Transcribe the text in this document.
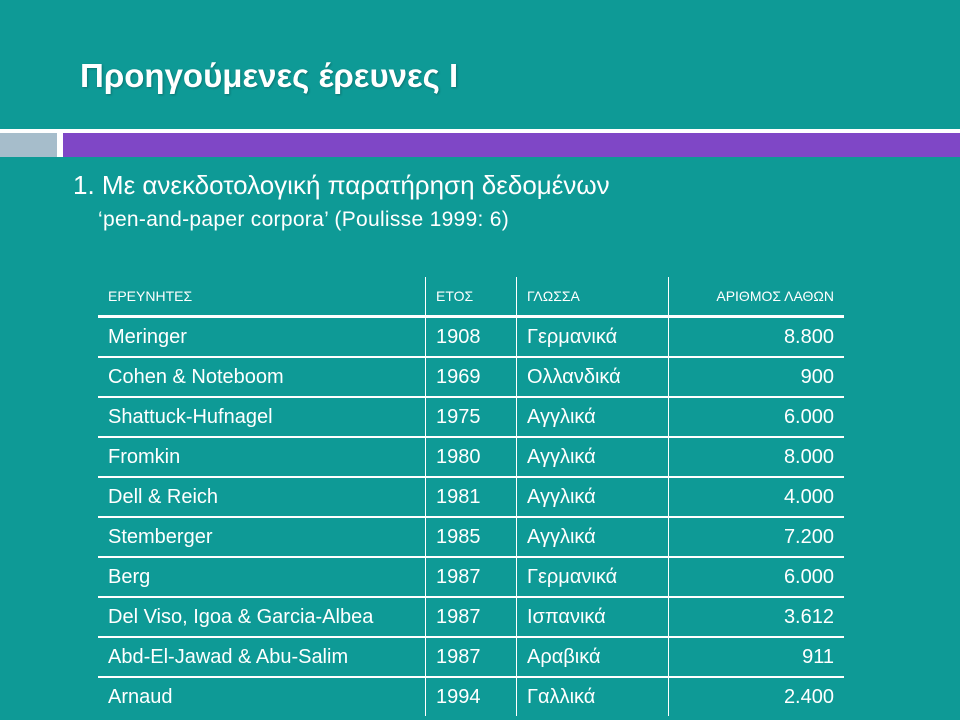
Προηγούμενες έρευνες Ι
1. Με ανεκδοτολογική παρατήρηση δεδομένων
‘pen-and-paper corpora’ (Poulisse 1999: 6)
ΕΡΕΥΝΗΤΕΣ	ΕΤΟΣ	ΓΛΩΣΣΑ	ΑΡΙΘΜΟΣ ΛΑΘΩΝ
Meringer	1908	Γερμανικά	8.800
Cohen & Noteboom	1969	Ολλανδικά	900
Shattuck-Hufnagel	1975	Αγγλικά	6.000
Fromkin	1980	Αγγλικά	8.000
Dell & Reich	1981	Αγγλικά	4.000
Stemberger	1985	Αγγλικά	7.200
Berg	1987	Γερμανικά	6.000
Del Viso, Igoa & Garcia-Albea	1987	Ισπανικά	3.612
Abd-El-Jawad & Abu-Salim	1987	Αραβικά	911
Arnaud	1994	Γαλλικά	2.400
